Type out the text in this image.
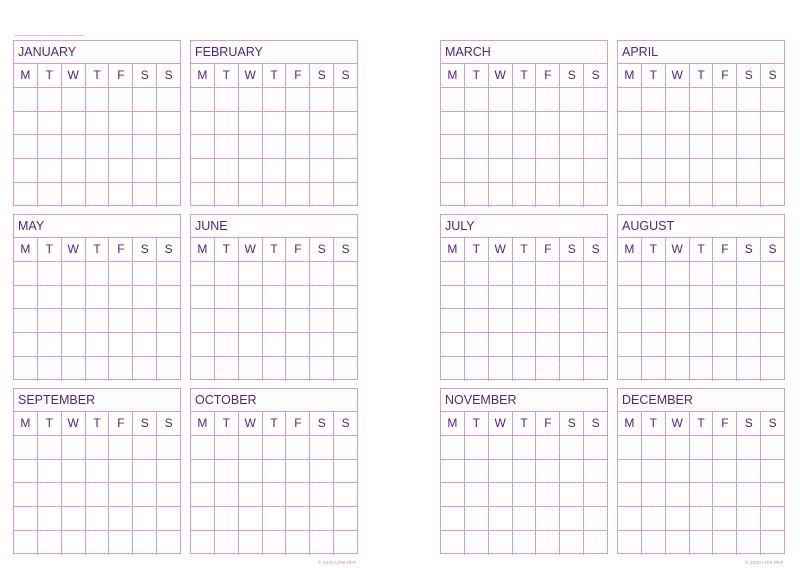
JANUARY
M	T	W	T	F	S	S
FEBRUARY
M	T	W	T	F	S	S
MARCH
M	T	W	T	F	S	S
APRIL
M	T	W	T	F	S	S
MAY
M	T	W	T	F	S	S
JUNE
M	T	W	T	F	S	S
JULY
M	T	W	T	F	S	S
AUGUST
M	T	W	T	F	S	S
SEPTEMBER
M	T	W	T	F	S	S
OCTOBER
M	T	W	T	F	S	S
NOVEMBER
M	T	W	T	F	S	S
DECEMBER
M	T	W	T	F	S	S
© 2020 LIFE PDF	© 2020 LIFE PDF
